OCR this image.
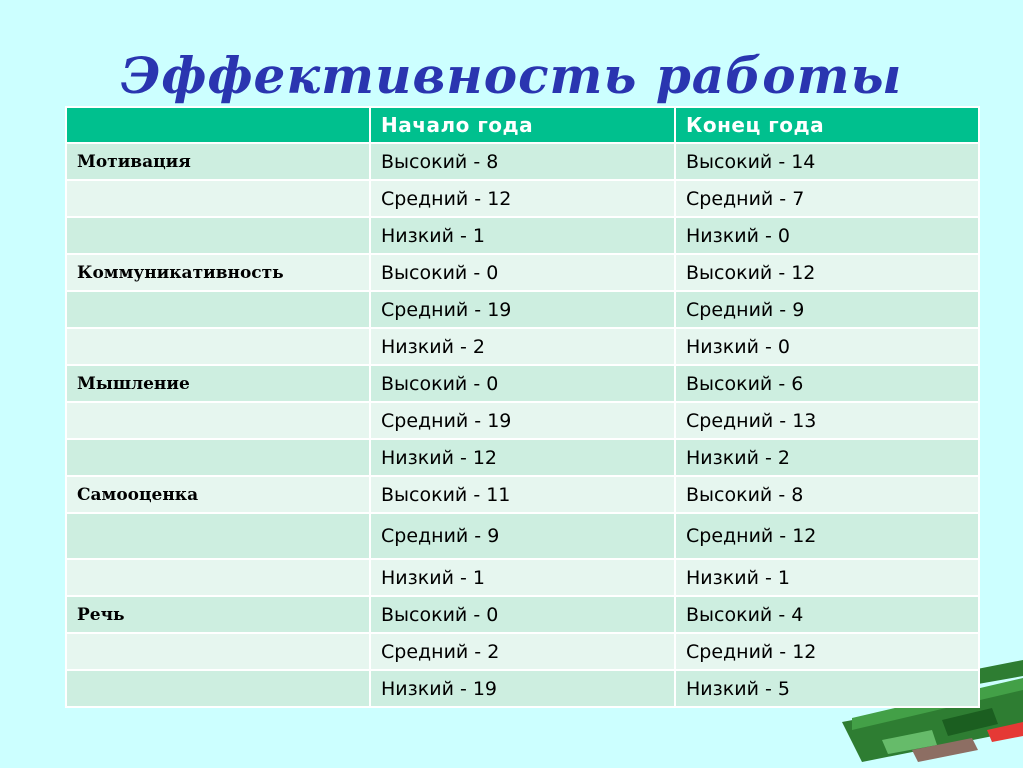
Эффективность работы
	Начало года	Конец года
Мотивация	Высокий - 8	Высокий - 14
	Средний - 12	Средний - 7
	Низкий - 1	Низкий - 0
Коммуникативность	Высокий - 0	Высокий - 12
	Средний - 19	Средний - 9
	Низкий - 2	Низкий - 0
Мышление	Высокий - 0	Высокий - 6
	Средний - 19	Средний - 13
	Низкий - 12	Низкий - 2
Самооценка	Высокий - 11	Высокий - 8
	Средний - 9	Средний - 12
	Низкий - 1	Низкий - 1
Речь	Высокий - 0	Высокий - 4
	Средний - 2	Средний - 12
	Низкий - 19	Низкий - 5
